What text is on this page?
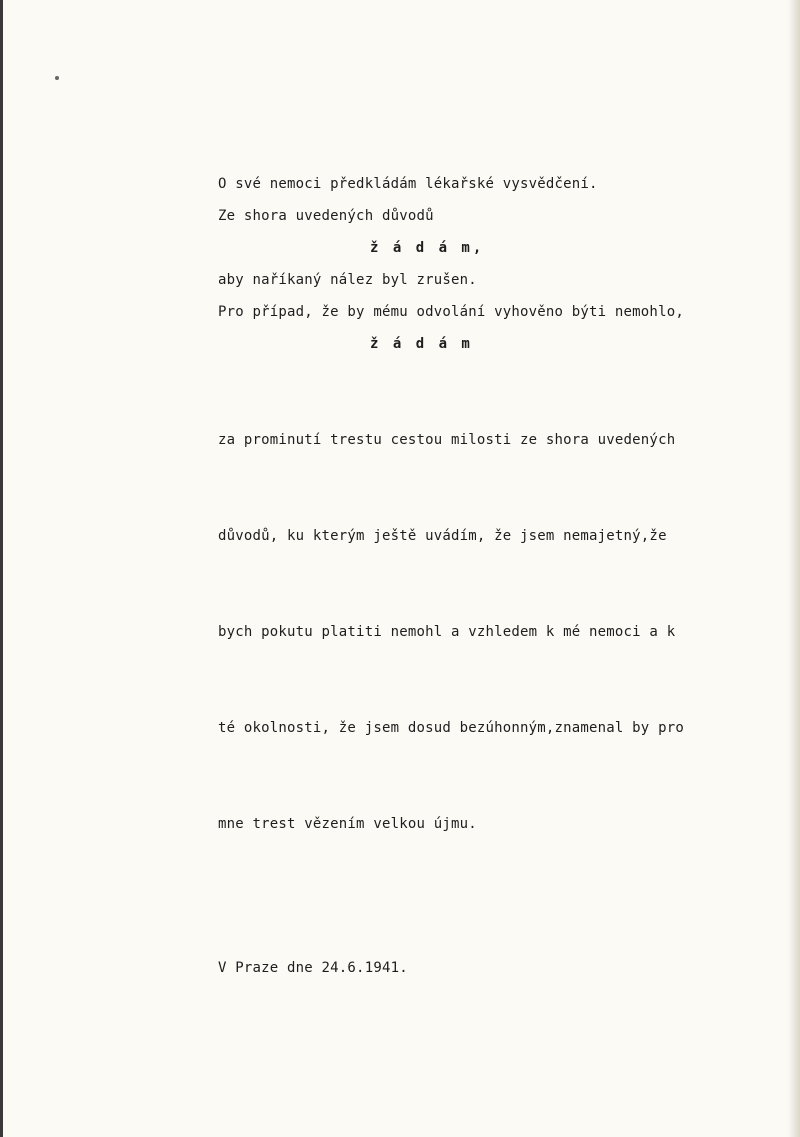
O své nemoci předkládám lékařské vysvědčení.
Ze shora uvedených důvodů
ž á d á m,
aby naříkaný nález byl zrušen.
Pro případ, že by mému odvolání vyhověno býti nemohlo,
ž á d á m

za prominutí trestu cestou milosti ze shora uvedených

důvodů, ku kterým ještě uvádím, že jsem nemajetný,že

bych pokutu platiti nemohl a vzhledem k mé nemoci a k

té okolnosti, že jsem dosud bezúhonným,znamenal by pro

mne trest vězením velkou újmu.

V Praze dne 24.6.1941.
